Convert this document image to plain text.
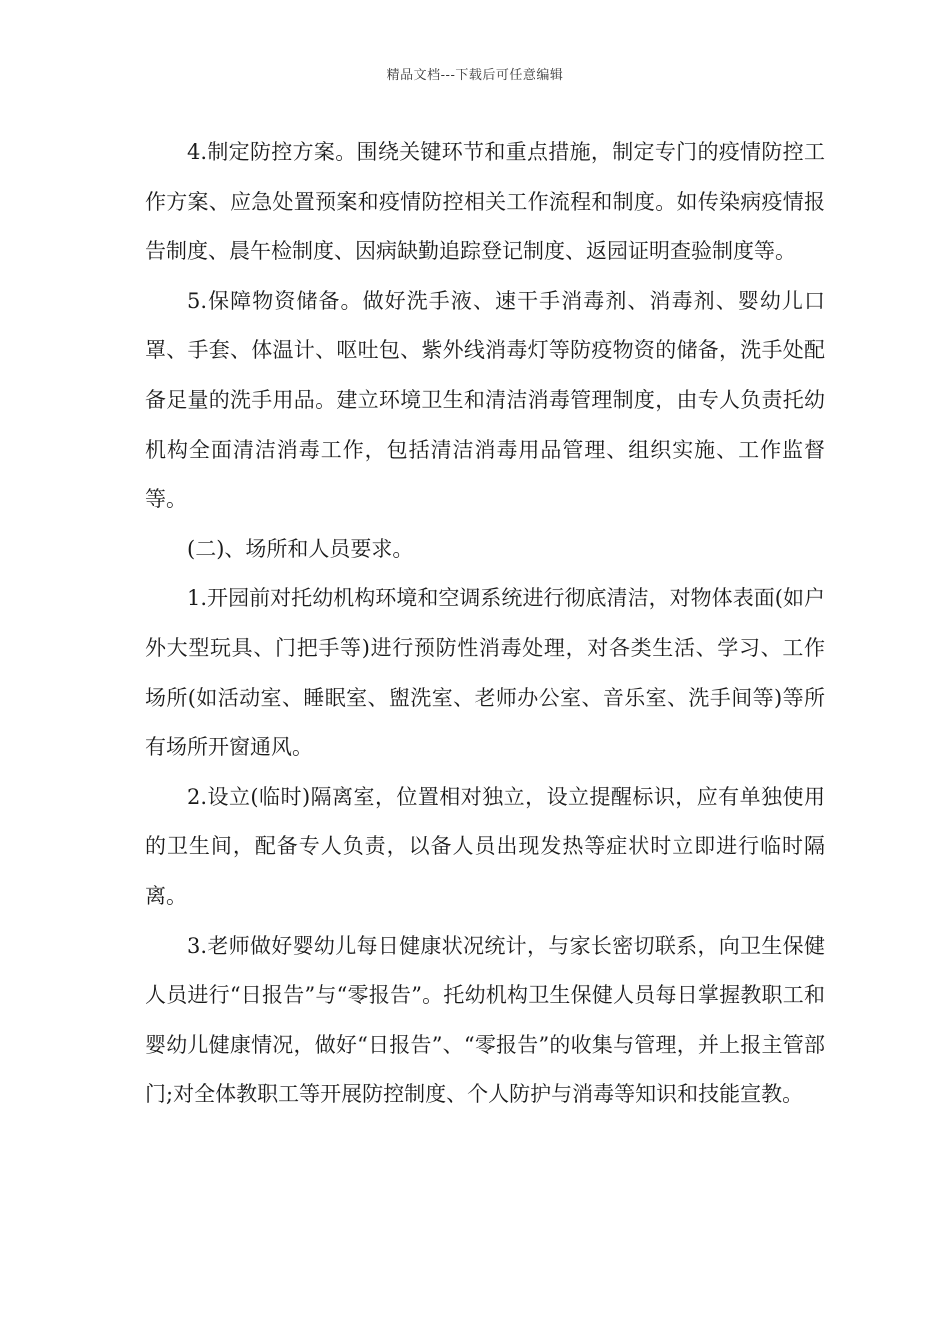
精品文档---下载后可任意编辑

4.制定防控方案。围绕关键环节和重点措施，制定专门的疫情防控工作方案、应急处置预案和疫情防控相关工作流程和制度。如传染病疫情报告制度、晨午检制度、因病缺勤追踪登记制度、返园证明查验制度等。

5.保障物资储备。做好洗手液、速干手消毒剂、消毒剂、婴幼儿口罩、手套、体温计、呕吐包、紫外线消毒灯等防疫物资的储备，洗手处配备足量的洗手用品。建立环境卫生和清洁消毒管理制度，由专人负责托幼机构全面清洁消毒工作，包括清洁消毒用品管理、组织实施、工作监督等。

(二)、场所和人员要求。

1.开园前对托幼机构环境和空调系统进行彻底清洁，对物体表面(如户外大型玩具、门把手等)进行预防性消毒处理，对各类生活、学习、工作场所(如活动室、睡眠室、盥洗室、老师办公室、音乐室、洗手间等)等所有场所开窗通风。

2.设立(临时)隔离室，位置相对独立，设立提醒标识，应有单独使用的卫生间，配备专人负责，以备人员出现发热等症状时立即进行临时隔离。

3.老师做好婴幼儿每日健康状况统计，与家长密切联系，向卫生保健人员进行“日报告”与“零报告”。托幼机构卫生保健人员每日掌握教职工和婴幼儿健康情况，做好“日报告”、“零报告”的收集与管理，并上报主管部门;对全体教职工等开展防控制度、个人防护与消毒等知识和技能宣教。
